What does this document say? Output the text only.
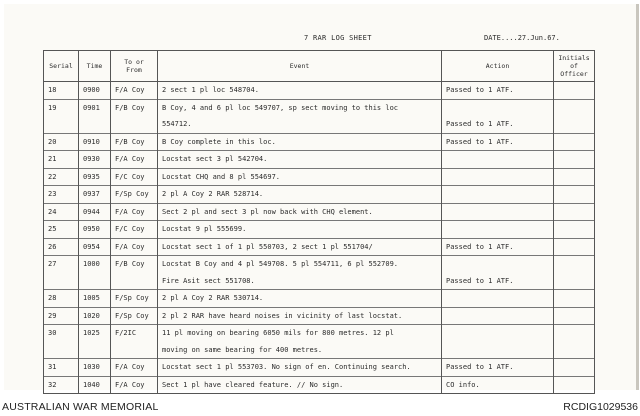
7 RAR LOG SHEET	DATE....27.Jun.67.
Serial	Time	To or From	Event	Action	Initials of Officer
18	0900	F/A Coy	2 sect 1 pl loc 548704.	Passed to 1 ATF.	
19	0901	F/B Coy	B Coy, 4 and 6 pl loc 549707, sp sect moving to this loc		
			554712.	Passed to 1 ATF.	
20	0910	F/B Coy	B Coy complete in this loc.	Passed to 1 ATF.	
21	0930	F/A Coy	Locstat sect 3 pl 542704.		
22	0935	F/C Coy	Locstat CHQ and 8 pl 554697.		
23	0937	F/Sp Coy	2 pl A Coy 2 RAR 528714.		
24	0944	F/A Coy	Sect 2 pl and sect 3 pl now back with CHQ element.		
25	0950	F/C Coy	Locstat 9 pl 555699.		
26	0954	F/A Coy	Locstat sect 1 of 1 pl 550703, 2 sect 1 pl 551704/	Passed to 1 ATF.	
27	1000	F/B Coy	Locstat B Coy and 4 pl 549708. 5 pl 554711, 6 pl 552709.		
			Fire Asit sect 551708.	Passed to 1 ATF.	
28	1005	F/Sp Coy	2 pl A Coy 2 RAR 530714.		
29	1020	F/Sp Coy	2 pl 2 RAR have heard noises in vicinity of last locstat.		
30	1025	F/2IC	11 pl moving on bearing 6050 mils for 800 metres. 12 pl		
			moving on same bearing for 400 metres.		
31	1030	F/A Coy	Locstat sect 1 pl 553703. No sign of en. Continuing search.	Passed to 1 ATF.	
32	1040	F/A Coy	Sect 1 pl have cleared feature. // No sign.	CO info.	
AUSTRALIAN WAR MEMORIAL	RCDIG1029536
